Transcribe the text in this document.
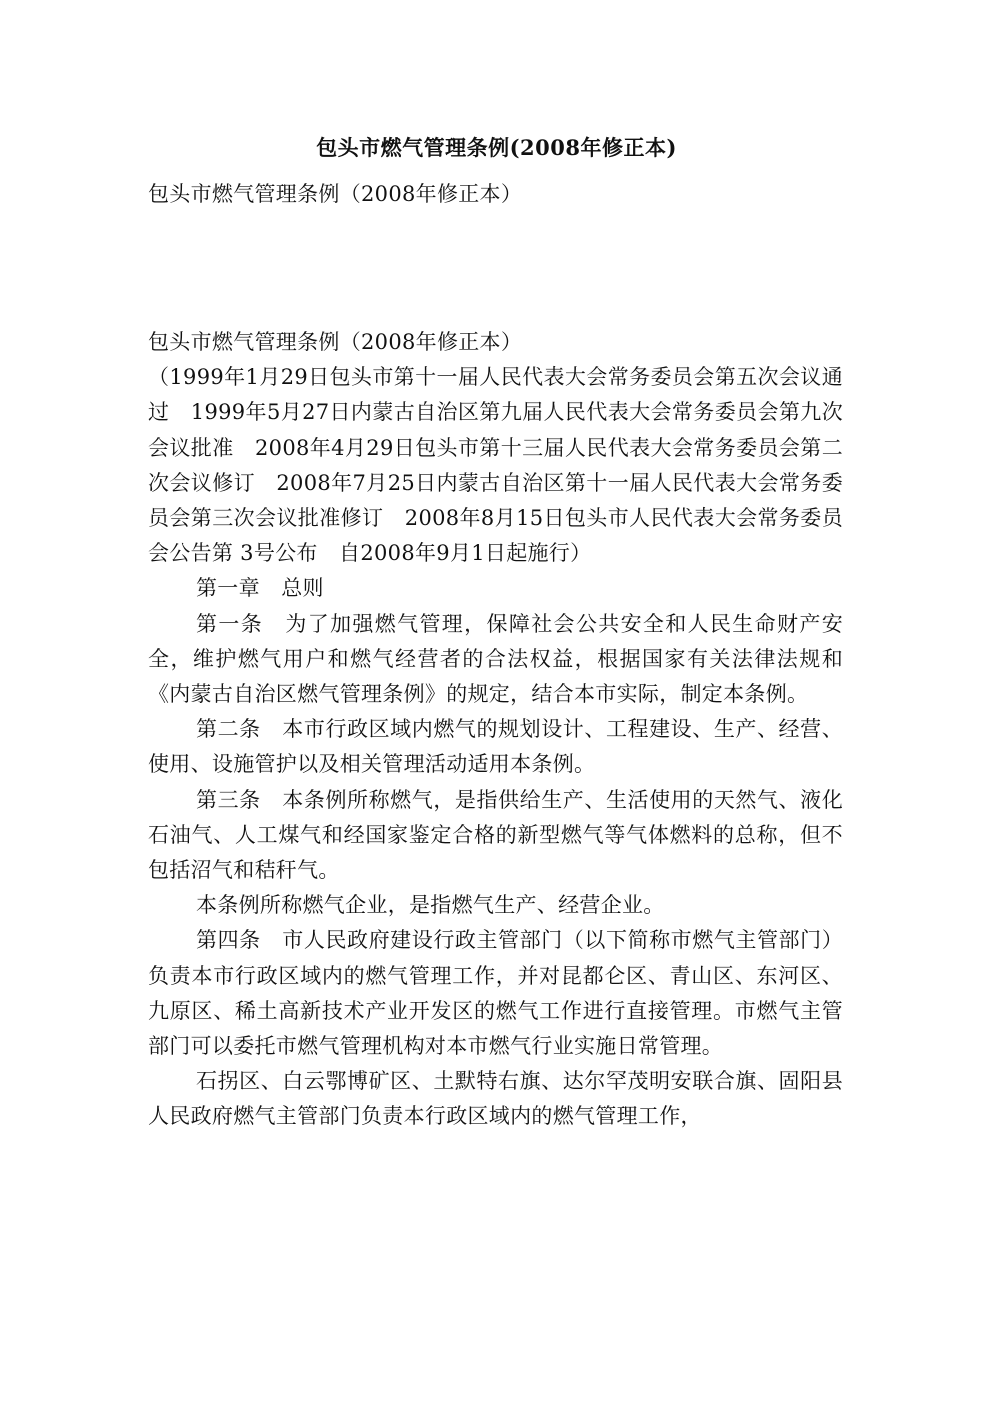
包头市燃气管理条例(2008年修正本)
包头市燃气管理条例（2008年修正本）

包头市燃气管理条例（2008年修正本）

（1999年1月29日包头市第十一届人民代表大会常务委员会第五次会议通过　1999年5月27日内蒙古自治区第九届人民代表大会常务委员会第九次会议批准　2008年4月29日包头市第十三届人民代表大会常务委员会第二次会议修订　2008年7月25日内蒙古自治区第十一届人民代表大会常务委员会第三次会议批准修订　2008年8月15日包头市人民代表大会常务委员会公告第 3号公布　自2008年9月1日起施行）

第一章　总则

第一条　为了加强燃气管理，保障社会公共安全和人民生命财产安全，维护燃气用户和燃气经营者的合法权益，根据国家有关法律法规和《内蒙古自治区燃气管理条例》的规定，结合本市实际，制定本条例。

第二条　本市行政区域内燃气的规划设计、工程建设、生产、经营、使用、设施管护以及相关管理活动适用本条例。

第三条　本条例所称燃气，是指供给生产、生活使用的天然气、液化石油气、人工煤气和经国家鉴定合格的新型燃气等气体燃料的总称，但不包括沼气和秸秆气。

本条例所称燃气企业，是指燃气生产、经营企业。

第四条　市人民政府建设行政主管部门（以下简称市燃气主管部门）负责本市行政区域内的燃气管理工作，并对昆都仑区、青山区、东河区、九原区、稀土高新技术产业开发区的燃气工作进行直接管理。市燃气主管部门可以委托市燃气管理机构对本市燃气行业实施日常管理。

石拐区、白云鄂博矿区、土默特右旗、达尔罕茂明安联合旗、固阳县人民政府燃气主管部门负责本行政区域内的燃气管理工作，
